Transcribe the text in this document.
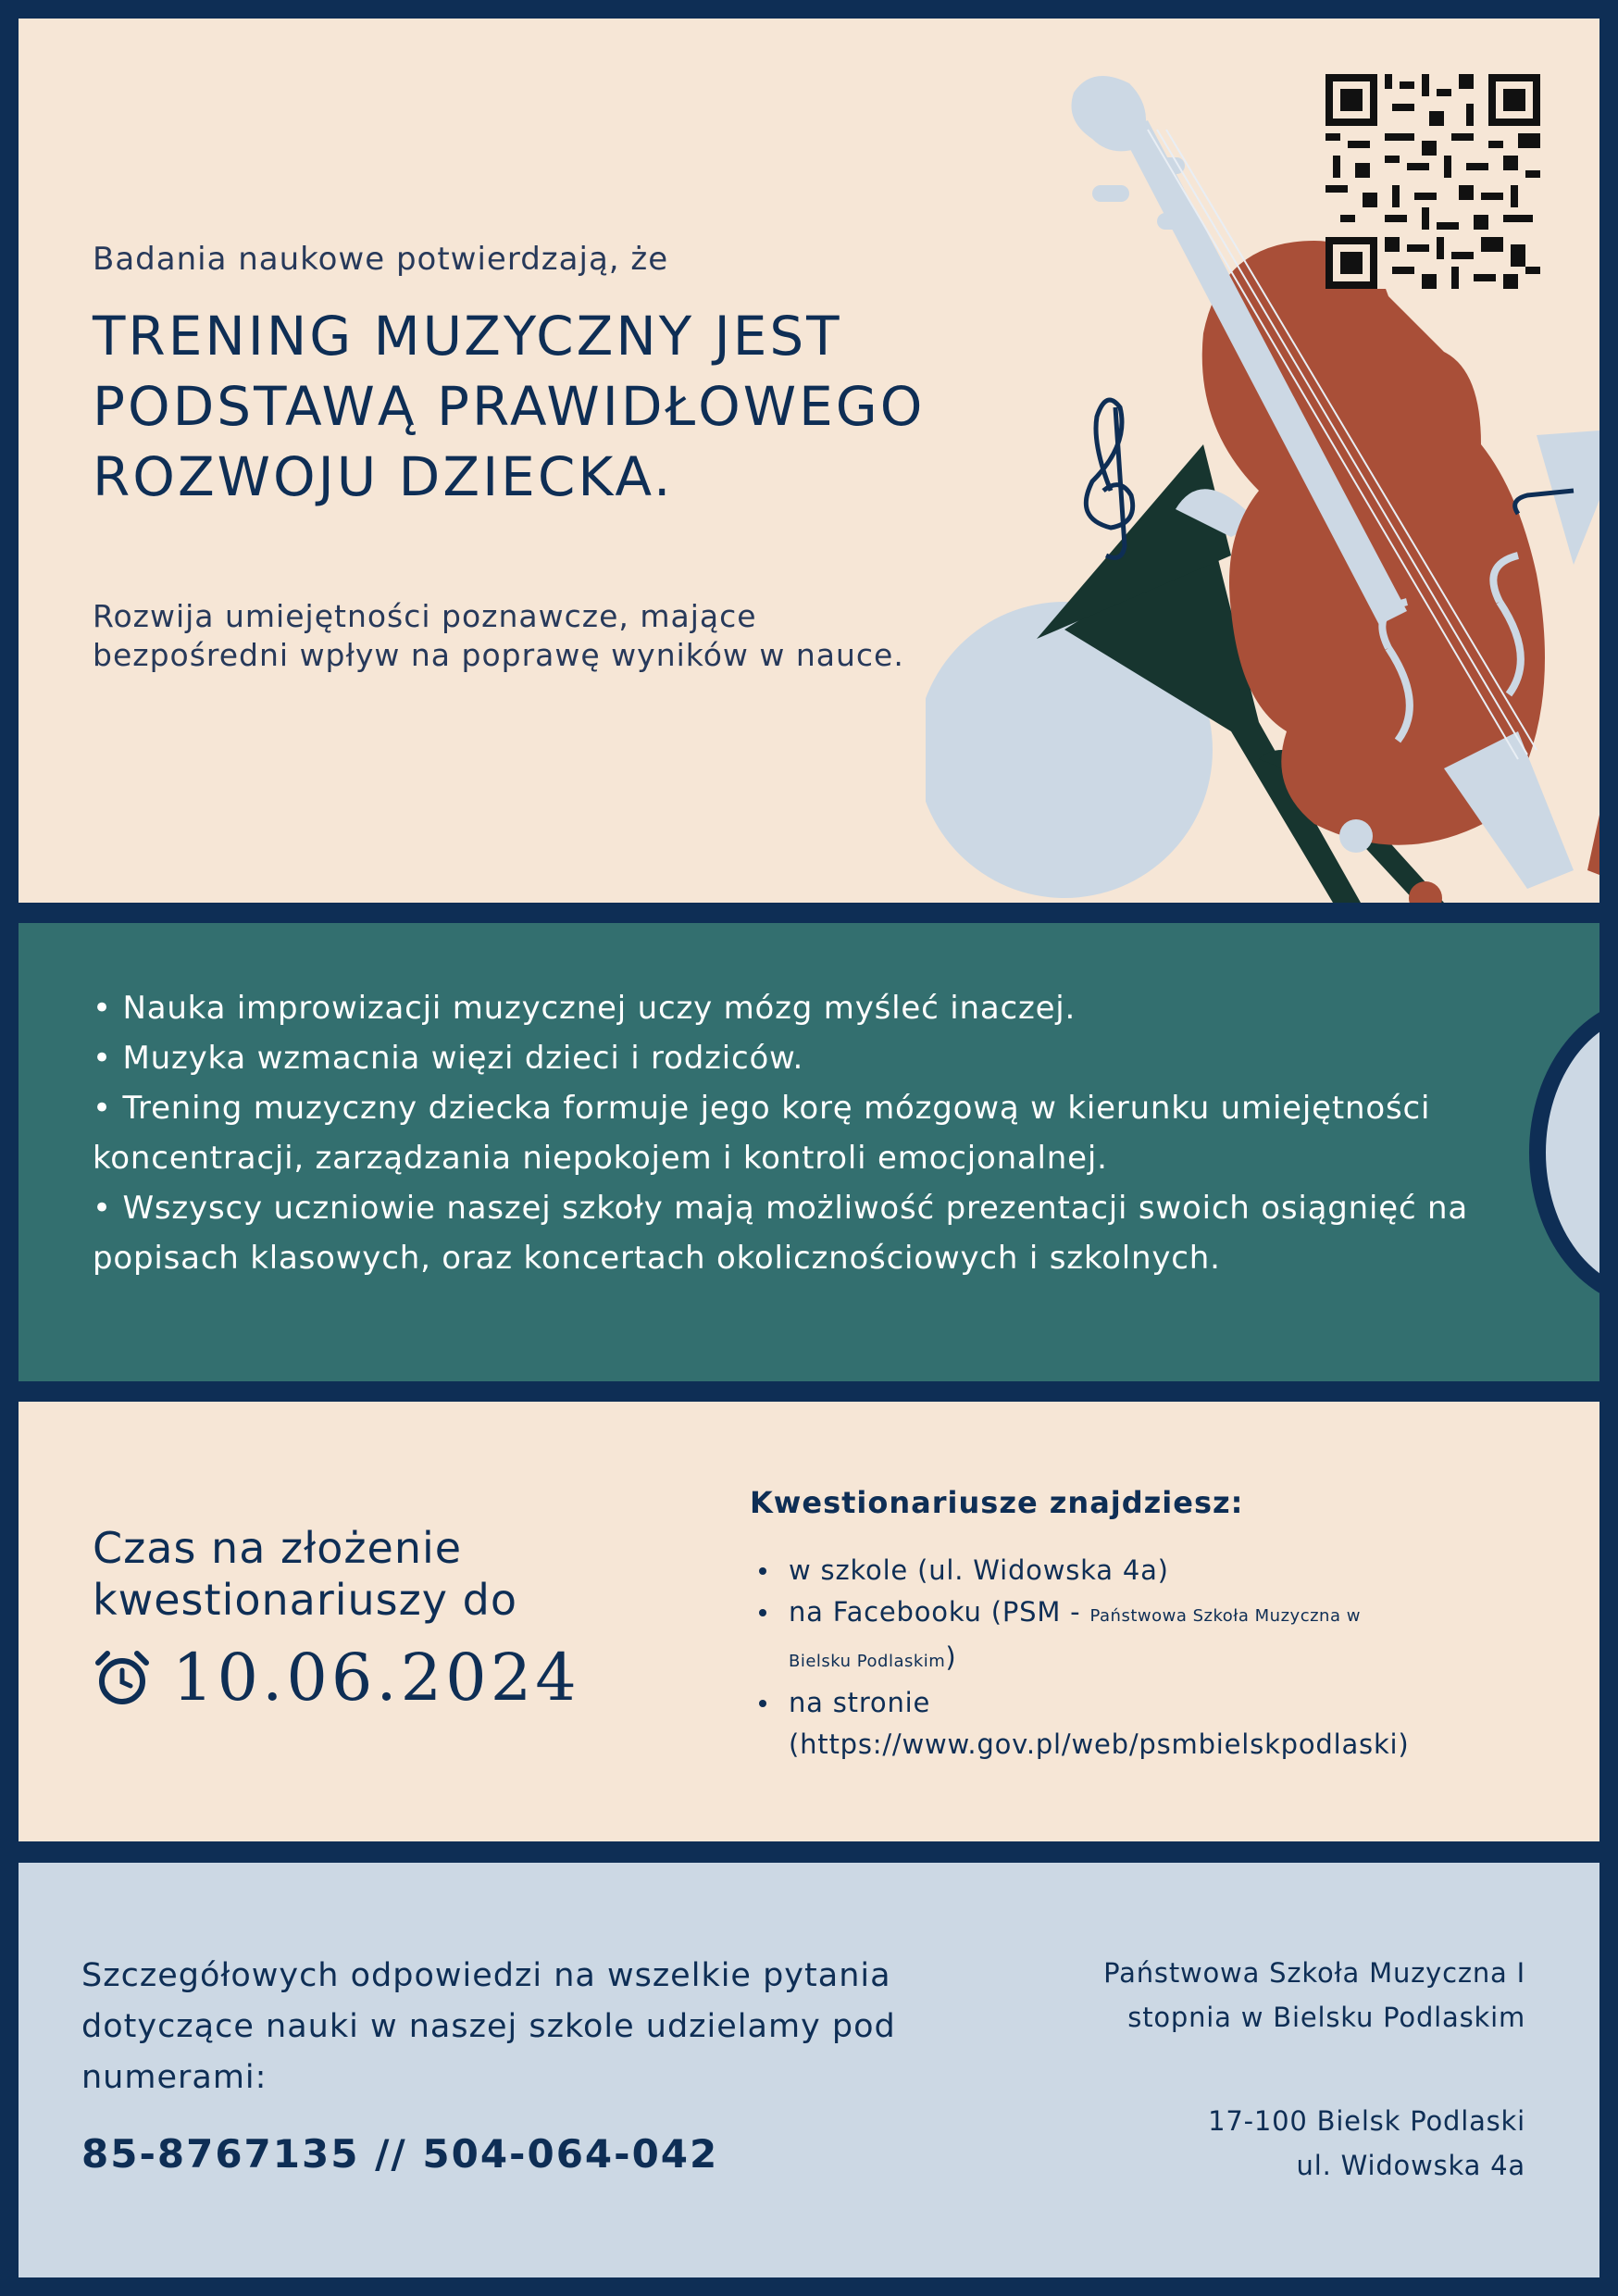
Badania naukowe potwierdzają, że
TRENING MUZYCZNY JEST PODSTAWĄ PRAWIDŁOWEGO ROZWOJU DZIECKA.
Rozwija umiejętności poznawcze, mające bezpośredni wpływ na poprawę wyników w nauce.
• Nauka improwizacji muzycznej uczy mózg myśleć inaczej.
• Muzyka wzmacnia więzi dzieci i rodziców.
• Trening muzyczny dziecka formuje jego korę mózgową w kierunku umiejętności koncentracji, zarządzania niepokojem i kontroli emocjonalnej.
• Wszyscy uczniowie naszej szkoły mają możliwość prezentacji swoich osiągnięć na popisach klasowych, oraz koncertach okolicznościowych i szkolnych.
Czas na złożenie kwestionariuszy do
10.06.2024
Kwestionariusze znajdziesz:
w szkole (ul. Widowska 4a)
na Facebooku (PSM - Państwowa Szkoła Muzyczna w
Bielsku Podlaskim)
na stronie
(https://www.gov.pl/web/psmbielskpodlaski)
Szczegółowych odpowiedzi na wszelkie pytania dotyczące nauki w naszej szkole udzielamy pod numerami:
85-8767135 // 504-064-042
Państwowa Szkoła Muzyczna I
stopnia w Bielsku Podlaskim
17-100 Bielsk Podlaski
ul. Widowska 4a
